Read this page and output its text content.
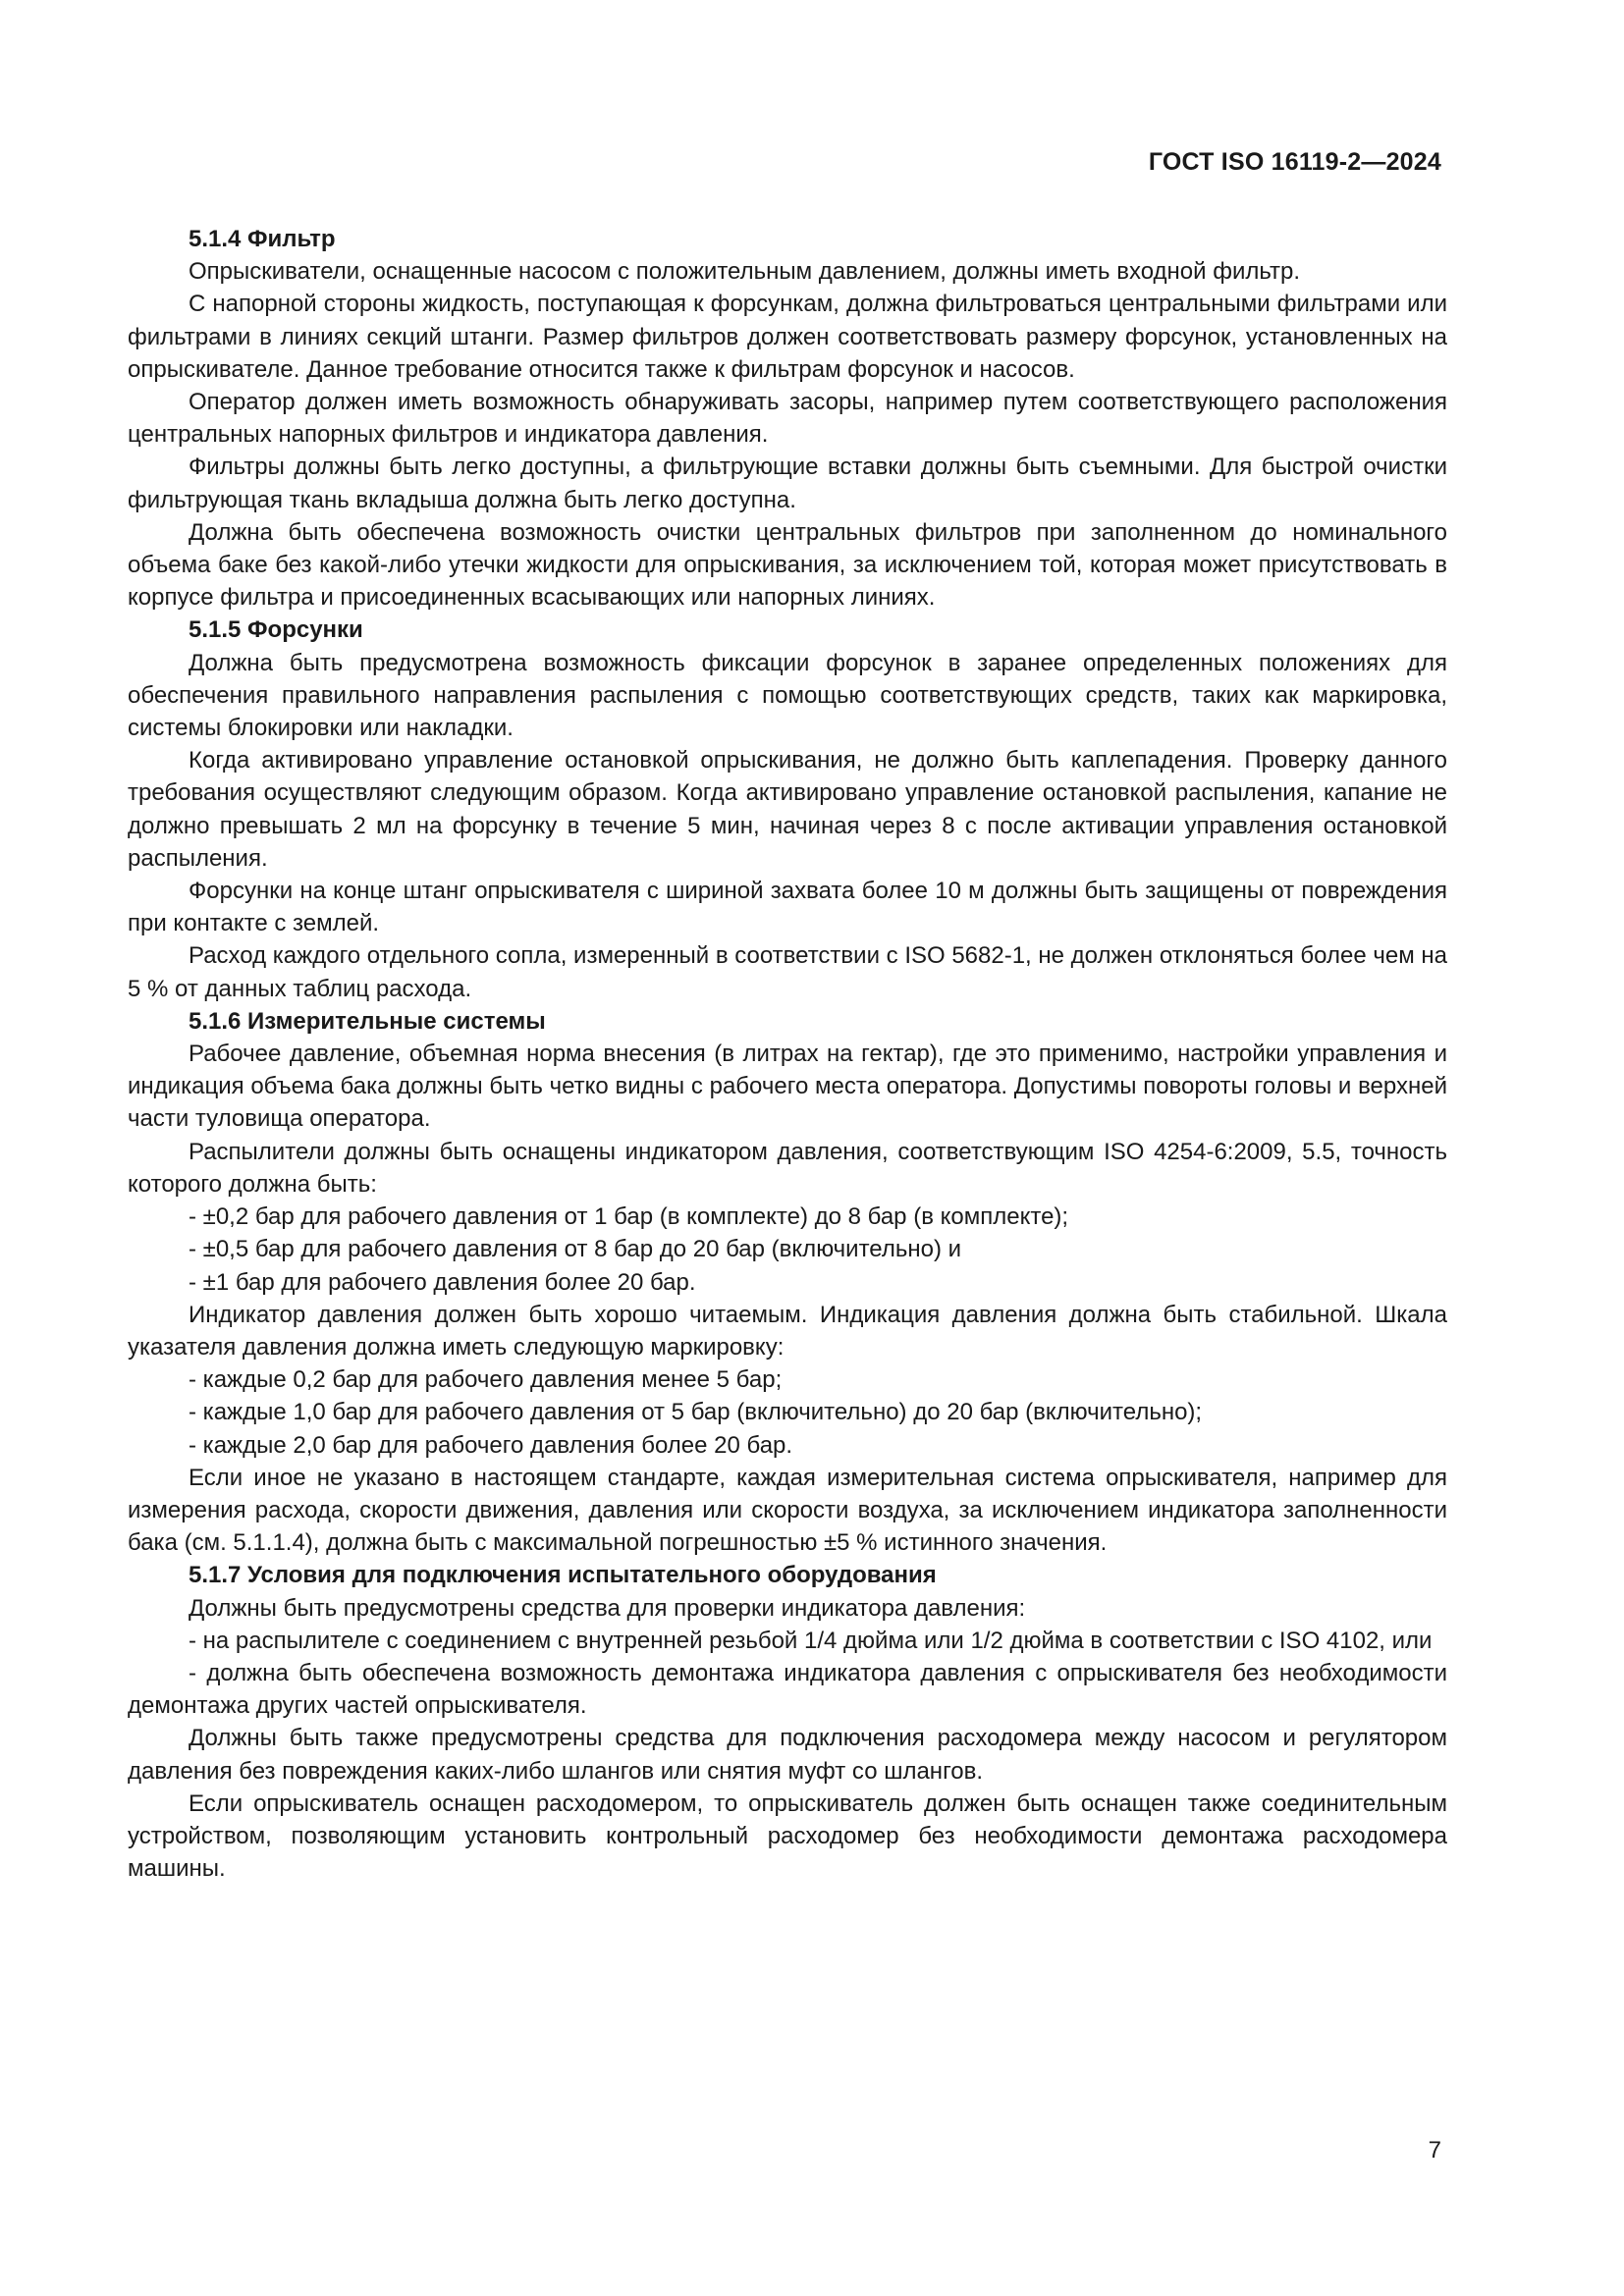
ГОСТ ISO 16119-2—2024

5.1.4 Фильтр

Опрыскиватели, оснащенные насосом с положительным давлением, должны иметь входной фильтр.

С напорной стороны жидкость, поступающая к форсункам, должна фильтроваться центральными фильтрами или фильтрами в линиях секций штанги. Размер фильтров должен соответствовать размеру форсунок, установленных на опрыскивателе. Данное требование относится также к фильтрам форсунок и насосов.

Оператор должен иметь возможность обнаруживать засоры, например путем соответствующего расположения центральных напорных фильтров и индикатора давления.

Фильтры должны быть легко доступны, а фильтрующие вставки должны быть съемными. Для быстрой очистки фильтрующая ткань вкладыша должна быть легко доступна.

Должна быть обеспечена возможность очистки центральных фильтров при заполненном до номинального объема баке без какой-либо утечки жидкости для опрыскивания, за исключением той, которая может присутствовать в корпусе фильтра и присоединенных всасывающих или напорных линиях.

5.1.5 Форсунки

Должна быть предусмотрена возможность фиксации форсунок в заранее определенных положениях для обеспечения правильного направления распыления с помощью соответствующих средств, таких как маркировка, системы блокировки или накладки.

Когда активировано управление остановкой опрыскивания, не должно быть каплепадения. Проверку данного требования осуществляют следующим образом. Когда активировано управление остановкой распыления, капание не должно превышать 2 мл на форсунку в течение 5 мин, начиная через 8 с после активации управления остановкой распыления.

Форсунки на конце штанг опрыскивателя с шириной захвата более 10 м должны быть защищены от повреждения при контакте с землей.

Расход каждого отдельного сопла, измеренный в соответствии с ISO 5682-1, не должен отклоняться более чем на 5 % от данных таблиц расхода.

5.1.6 Измерительные системы

Рабочее давление, объемная норма внесения (в литрах на гектар), где это применимо, настройки управления и индикация объема бака должны быть четко видны с рабочего места оператора. Допустимы повороты головы и верхней части туловища оператора.

Распылители должны быть оснащены индикатором давления, соответствующим ISO 4254-6:2009, 5.5, точность которого должна быть:

- ±0,2 бар для рабочего давления от 1 бар (в комплекте) до 8 бар (в комплекте);

- ±0,5 бар для рабочего давления от 8 бар до 20 бар (включительно) и

- ±1 бар для рабочего давления более 20 бар.

Индикатор давления должен быть хорошо читаемым. Индикация давления должна быть стабильной. Шкала указателя давления должна иметь следующую маркировку:

- каждые 0,2 бар для рабочего давления менее 5 бар;

- каждые 1,0 бар для рабочего давления от 5 бар (включительно) до 20 бар (включительно);

- каждые 2,0 бар для рабочего давления более 20 бар.

Если иное не указано в настоящем стандарте, каждая измерительная система опрыскивателя, например для измерения расхода, скорости движения, давления или скорости воздуха, за исключением индикатора заполненности бака (см. 5.1.1.4), должна быть с максимальной погрешностью ±5 % истинного значения.

5.1.7 Условия для подключения испытательного оборудования

Должны быть предусмотрены средства для проверки индикатора давления:

- на распылителе с соединением с внутренней резьбой 1/4 дюйма или 1/2 дюйма в соответствии с ISO 4102, или

- должна быть обеспечена возможность демонтажа индикатора давления с опрыскивателя без необходимости демонтажа других частей опрыскивателя.

Должны быть также предусмотрены средства для подключения расходомера между насосом и регулятором давления без повреждения каких-либо шлангов или снятия муфт со шлангов.

Если опрыскиватель оснащен расходомером, то опрыскиватель должен быть оснащен также соединительным устройством, позволяющим установить контрольный расходомер без необходимости демонтажа расходомера машины.

7
